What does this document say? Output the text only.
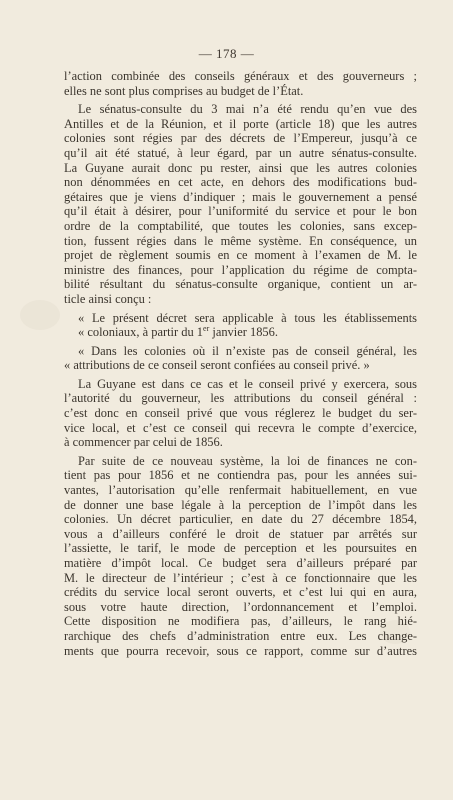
— 178 —

l’action combinée des conseils généraux et des gouverneurs ;
elles ne sont plus comprises au budget de l’État.

Le sénatus-consulte du 3 mai n’a été rendu qu’en vue des
Antilles et de la Réunion, et il porte (article 18) que les autres
colonies sont régies par des décrets de l’Empereur, jusqu’à ce
qu’il ait été statué, à leur égard, par un autre sénatus-consulte.
La Guyane aurait donc pu rester, ainsi que les autres colonies
non dénommées en cet acte, en dehors des modifications bud-
gétaires que je viens d’indiquer ; mais le gouvernement a pensé
qu’il était à désirer, pour l’uniformité du service et pour le bon
ordre de la comptabilité, que toutes les colonies, sans excep-
tion, fussent régies dans le même système. En conséquence, un
projet de règlement soumis en ce moment à l’examen de M. le
ministre des finances, pour l’application du régime de compta-
bilité résultant du sénatus-consulte organique, contient un ar-
ticle ainsi conçu :

« Le présent décret sera applicable à tous les établissements
« coloniaux, à partir du 1er janvier 1856.

« Dans les colonies où il n’existe pas de conseil général, les
« attributions de ce conseil seront confiées au conseil privé. »

La Guyane est dans ce cas et le conseil privé y exercera, sous
l’autorité du gouverneur, les attributions du conseil général :
c’est donc en conseil privé que vous réglerez le budget du ser-
vice local, et c’est ce conseil qui recevra le compte d’exercice,
à commencer par celui de 1856.

Par suite de ce nouveau système, la loi de finances ne con-
tient pas pour 1856 et ne contiendra pas, pour les années sui-
vantes, l’autorisation qu’elle renfermait habituellement, en vue
de donner une base légale à la perception de l’impôt dans les
colonies. Un décret particulier, en date du 27 décembre 1854,
vous a d’ailleurs conféré le droit de statuer par arrêtés sur
l’assiette, le tarif, le mode de perception et les poursuites en
matière d’impôt local. Ce budget sera d’ailleurs préparé par
M. le directeur de l’intérieur ; c’est à ce fonctionnaire que les
crédits du service local seront ouverts, et c’est lui qui en aura,
sous votre haute direction, l’ordonnancement et l’emploi.
Cette disposition ne modifiera pas, d’ailleurs, le rang hié-
rarchique des chefs d’administration entre eux. Les change-
ments que pourra recevoir, sous ce rapport, comme sur d’autres
